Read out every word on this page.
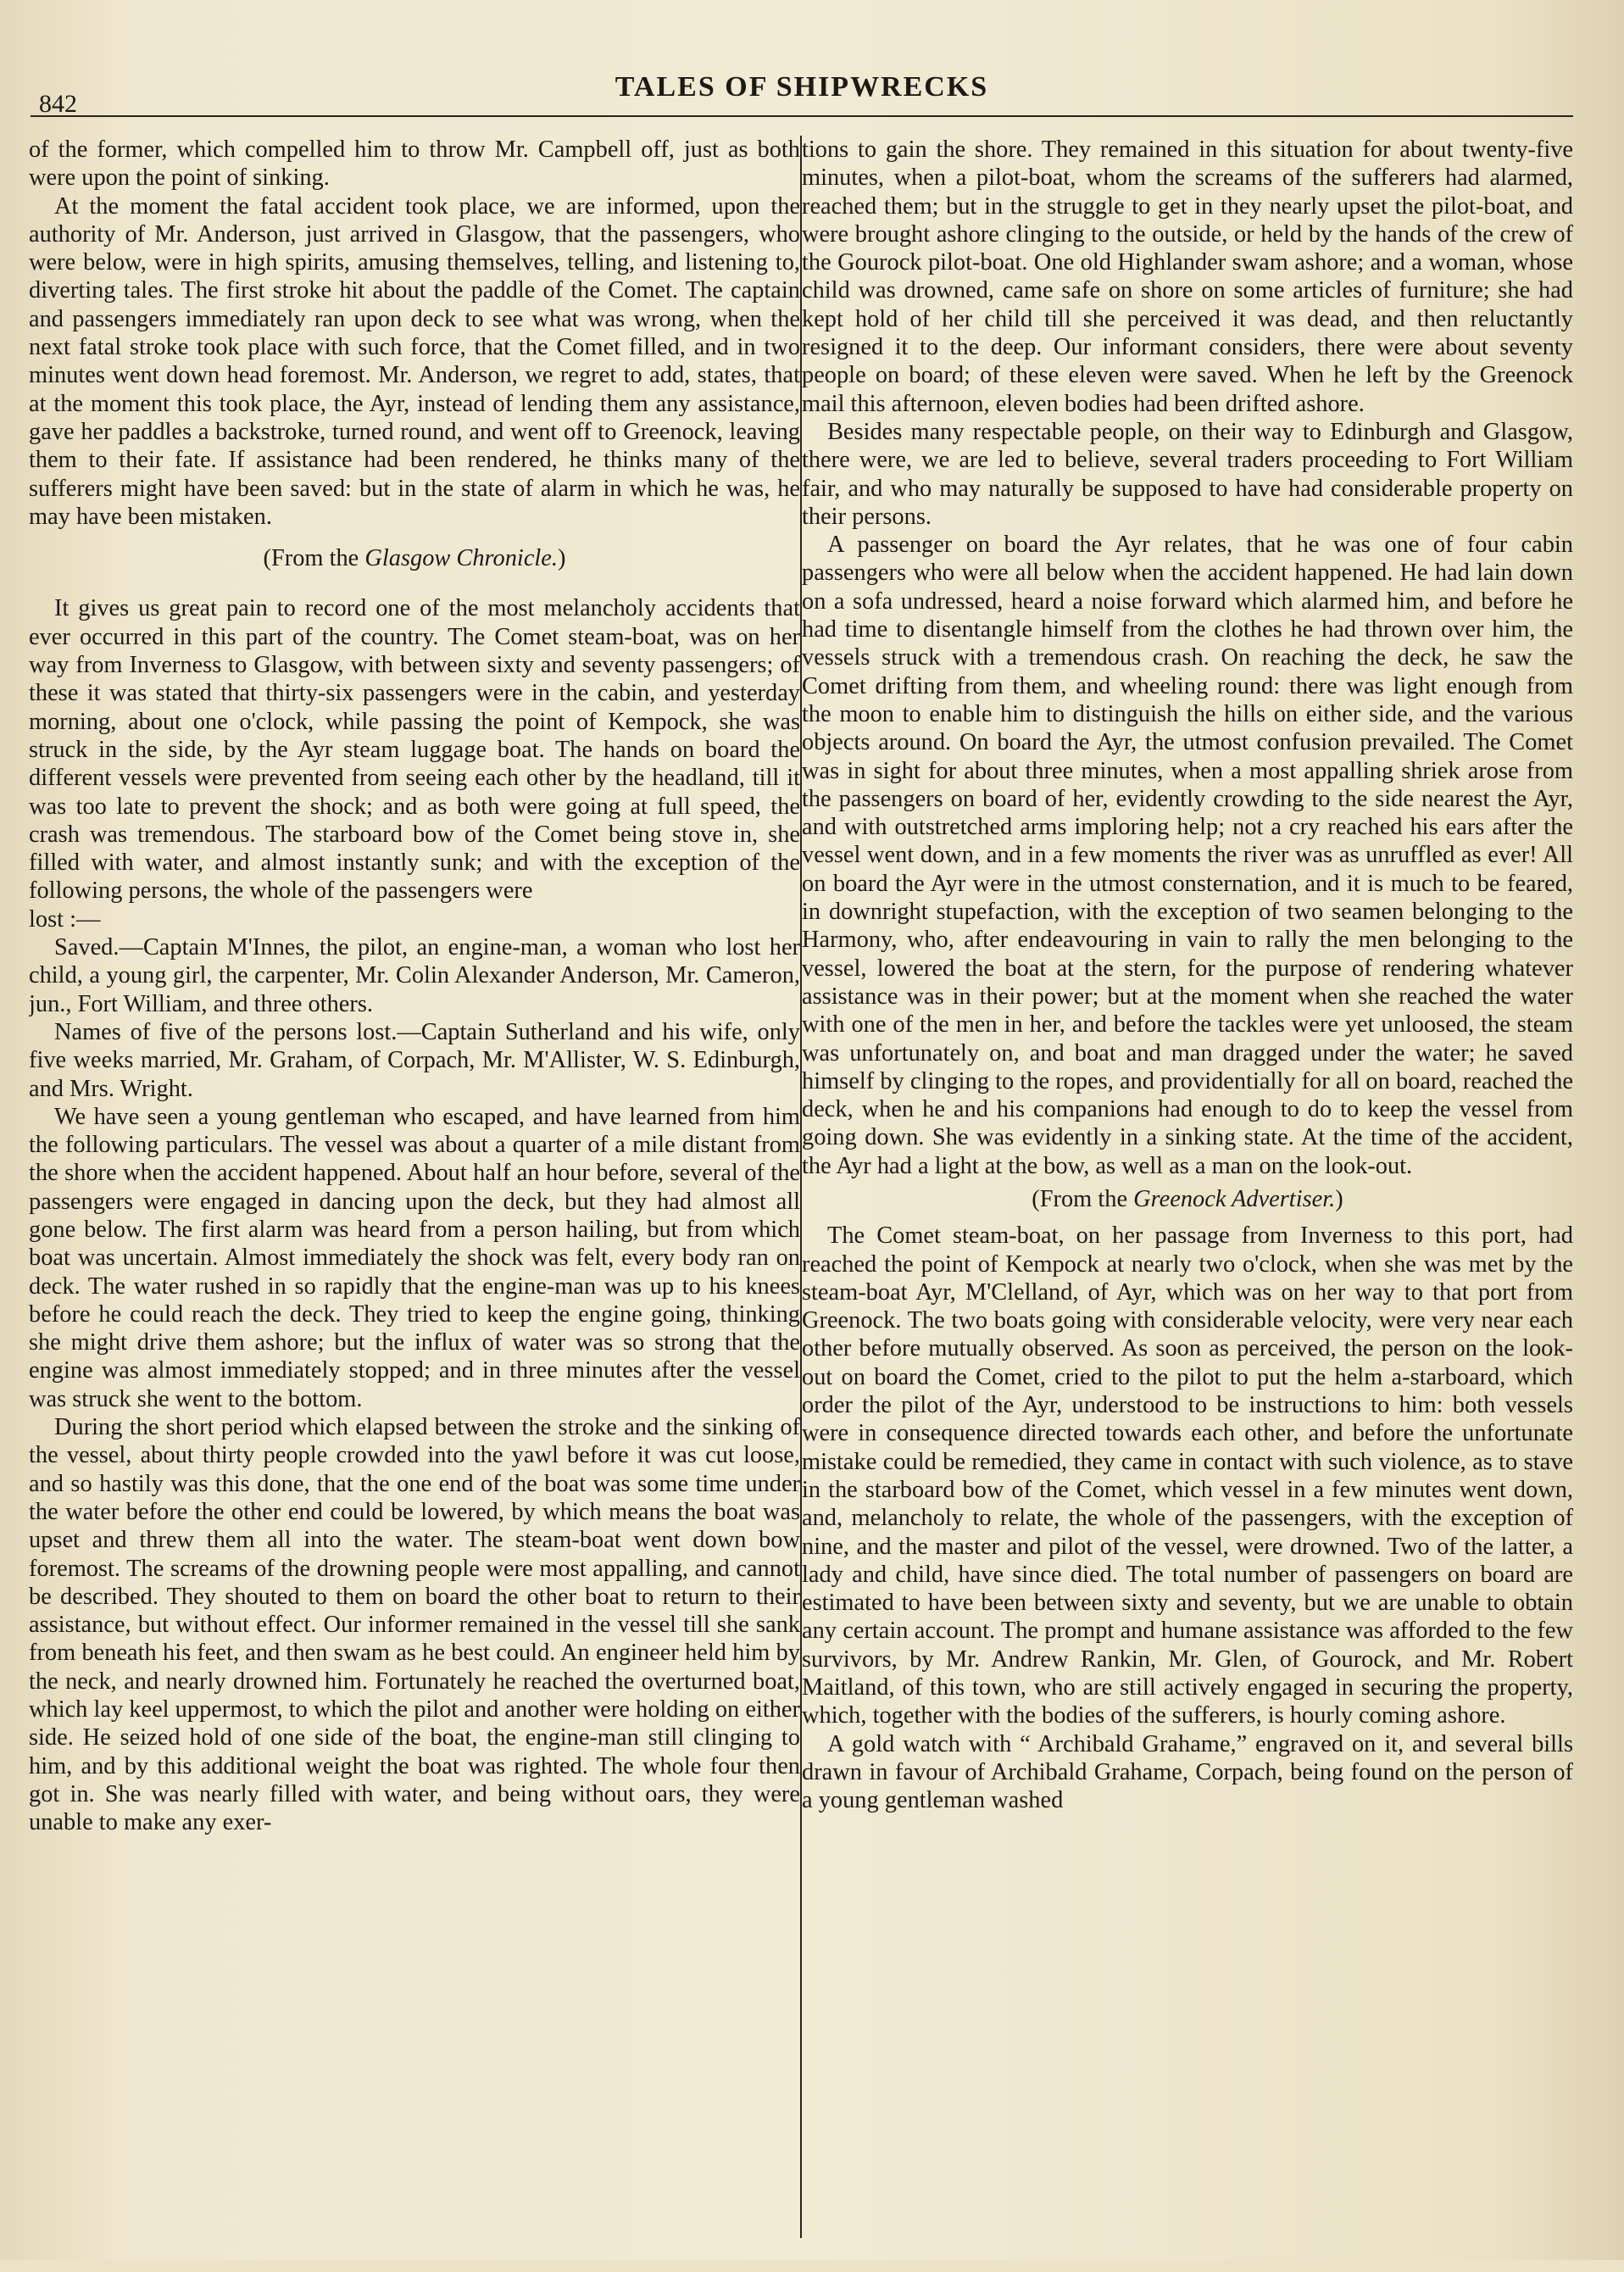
842
TALES OF SHIPWRECKS

of the former, which compelled him to throw Mr. Campbell off, just as both were upon the point of sinking.

At the moment the fatal accident took place, we are informed, upon the authority of Mr. Anderson, just arrived in Glasgow, that the passengers, who were below, were in high spirits, amusing themselves, telling, and listening to, diverting tales. The first stroke hit about the paddle of the Comet. The captain and passengers immediately ran upon deck to see what was wrong, when the next fatal stroke took place with such force, that the Comet filled, and in two minutes went down head foremost. Mr. Anderson, we regret to add, states, that at the moment this took place, the Ayr, instead of lending them any assistance, gave her paddles a backstroke, turned round, and went off to Greenock, leaving them to their fate. If assistance had been rendered, he thinks many of the sufferers might have been saved: but in the state of alarm in which he was, he may have been mistaken.

(From the Glasgow Chronicle.)

It gives us great pain to record one of the most melancholy accidents that ever occurred in this part of the country. The Comet steam-boat, was on her way from Inverness to Glasgow, with between sixty and seventy passengers; of these it was stated that thirty-six passengers were in the cabin, and yesterday morning, about one o'clock, while passing the point of Kempock, she was struck in the side, by the Ayr steam luggage boat. The hands on board the different vessels were prevented from seeing each other by the headland, till it was too late to prevent the shock; and as both were going at full speed, the crash was tremendous. The starboard bow of the Comet being stove in, she filled with water, and almost instantly sunk; and with the exception of the following persons, the whole of the passengers were

lost :—

Saved.—Captain M'Innes, the pilot, an engine-man, a woman who lost her child, a young girl, the carpenter, Mr. Colin Alexander Anderson, Mr. Cameron, jun., Fort William, and three others.

Names of five of the persons lost.—Captain Sutherland and his wife, only five weeks married, Mr. Graham, of Corpach, Mr. M'Allister, W. S. Edinburgh, and Mrs. Wright.

We have seen a young gentleman who escaped, and have learned from him the following particulars. The vessel was about a quarter of a mile distant from the shore when the accident happened. About half an hour before, several of the passengers were engaged in dancing upon the deck, but they had almost all gone below. The first alarm was heard from a person hailing, but from which boat was uncertain. Almost immediately the shock was felt, every body ran on deck. The water rushed in so rapidly that the engine-man was up to his knees before he could reach the deck. They tried to keep the engine going, thinking she might drive them ashore; but the influx of water was so strong that the engine was almost immediately stopped; and in three minutes after the vessel was struck she went to the bottom.

During the short period which elapsed between the stroke and the sinking of the vessel, about thirty people crowded into the yawl before it was cut loose, and so hastily was this done, that the one end of the boat was some time under the water before the other end could be lowered, by which means the boat was upset and threw them all into the water. The steam-boat went down bow foremost. The screams of the drowning people were most appalling, and cannot be described. They shouted to them on board the other boat to return to their assistance, but without effect. Our informer remained in the vessel till she sank from beneath his feet, and then swam as he best could. An engineer held him by the neck, and nearly drowned him. Fortunately he reached the overturned boat, which lay keel uppermost, to which the pilot and another were holding on either side. He seized hold of one side of the boat, the engine-man still clinging to him, and by this additional weight the boat was righted. The whole four then got in. She was nearly filled with water, and being without oars, they were unable to make any exer-

tions to gain the shore. They remained in this situation for about twenty-five minutes, when a pilot-boat, whom the screams of the sufferers had alarmed, reached them; but in the struggle to get in they nearly upset the pilot-boat, and were brought ashore clinging to the outside, or held by the hands of the crew of the Gourock pilot-boat. One old Highlander swam ashore; and a woman, whose child was drowned, came safe on shore on some articles of furniture; she had kept hold of her child till she perceived it was dead, and then reluctantly resigned it to the deep. Our informant considers, there were about seventy people on board; of these eleven were saved. When he left by the Greenock mail this afternoon, eleven bodies had been drifted ashore.

Besides many respectable people, on their way to Edinburgh and Glasgow, there were, we are led to believe, several traders proceeding to Fort William fair, and who may naturally be supposed to have had considerable property on their persons.

A passenger on board the Ayr relates, that he was one of four cabin passengers who were all below when the accident happened. He had lain down on a sofa undressed, heard a noise forward which alarmed him, and before he had time to disentangle himself from the clothes he had thrown over him, the vessels struck with a tremendous crash. On reaching the deck, he saw the Comet drifting from them, and wheeling round: there was light enough from the moon to enable him to distinguish the hills on either side, and the various objects around. On board the Ayr, the utmost confusion prevailed. The Comet was in sight for about three minutes, when a most appalling shriek arose from the passengers on board of her, evidently crowding to the side nearest the Ayr, and with outstretched arms imploring help; not a cry reached his ears after the vessel went down, and in a few moments the river was as unruffled as ever! All on board the Ayr were in the utmost consternation, and it is much to be feared, in downright stupefaction, with the exception of two seamen belonging to the Harmony, who, after endeavouring in vain to rally the men belonging to the vessel, lowered the boat at the stern, for the purpose of rendering whatever assistance was in their power; but at the moment when she reached the water with one of the men in her, and before the tackles were yet unloosed, the steam was unfortunately on, and boat and man dragged under the water; he saved himself by clinging to the ropes, and providentially for all on board, reached the deck, when he and his companions had enough to do to keep the vessel from going down. She was evidently in a sinking state. At the time of the accident, the Ayr had a light at the bow, as well as a man on the look-out.

(From the Greenock Advertiser.)

The Comet steam-boat, on her passage from Inverness to this port, had reached the point of Kempock at nearly two o'clock, when she was met by the steam-boat Ayr, M'Clelland, of Ayr, which was on her way to that port from Greenock. The two boats going with considerable velocity, were very near each other before mutually observed. As soon as perceived, the person on the look-out on board the Comet, cried to the pilot to put the helm a-starboard, which order the pilot of the Ayr, understood to be instructions to him: both vessels were in consequence directed towards each other, and before the unfortunate mistake could be remedied, they came in contact with such violence, as to stave in the starboard bow of the Comet, which vessel in a few minutes went down, and, melancholy to relate, the whole of the passengers, with the exception of nine, and the master and pilot of the vessel, were drowned. Two of the latter, a lady and child, have since died. The total number of passengers on board are estimated to have been between sixty and seventy, but we are unable to obtain any certain account. The prompt and humane assistance was afforded to the few survivors, by Mr. Andrew Rankin, Mr. Glen, of Gourock, and Mr. Robert Maitland, of this town, who are still actively engaged in securing the property, which, together with the bodies of the sufferers, is hourly coming ashore.

A gold watch with “ Archibald Grahame,” engraved on it, and several bills drawn in favour of Archibald Grahame, Corpach, being found on the person of a young gentleman washed
